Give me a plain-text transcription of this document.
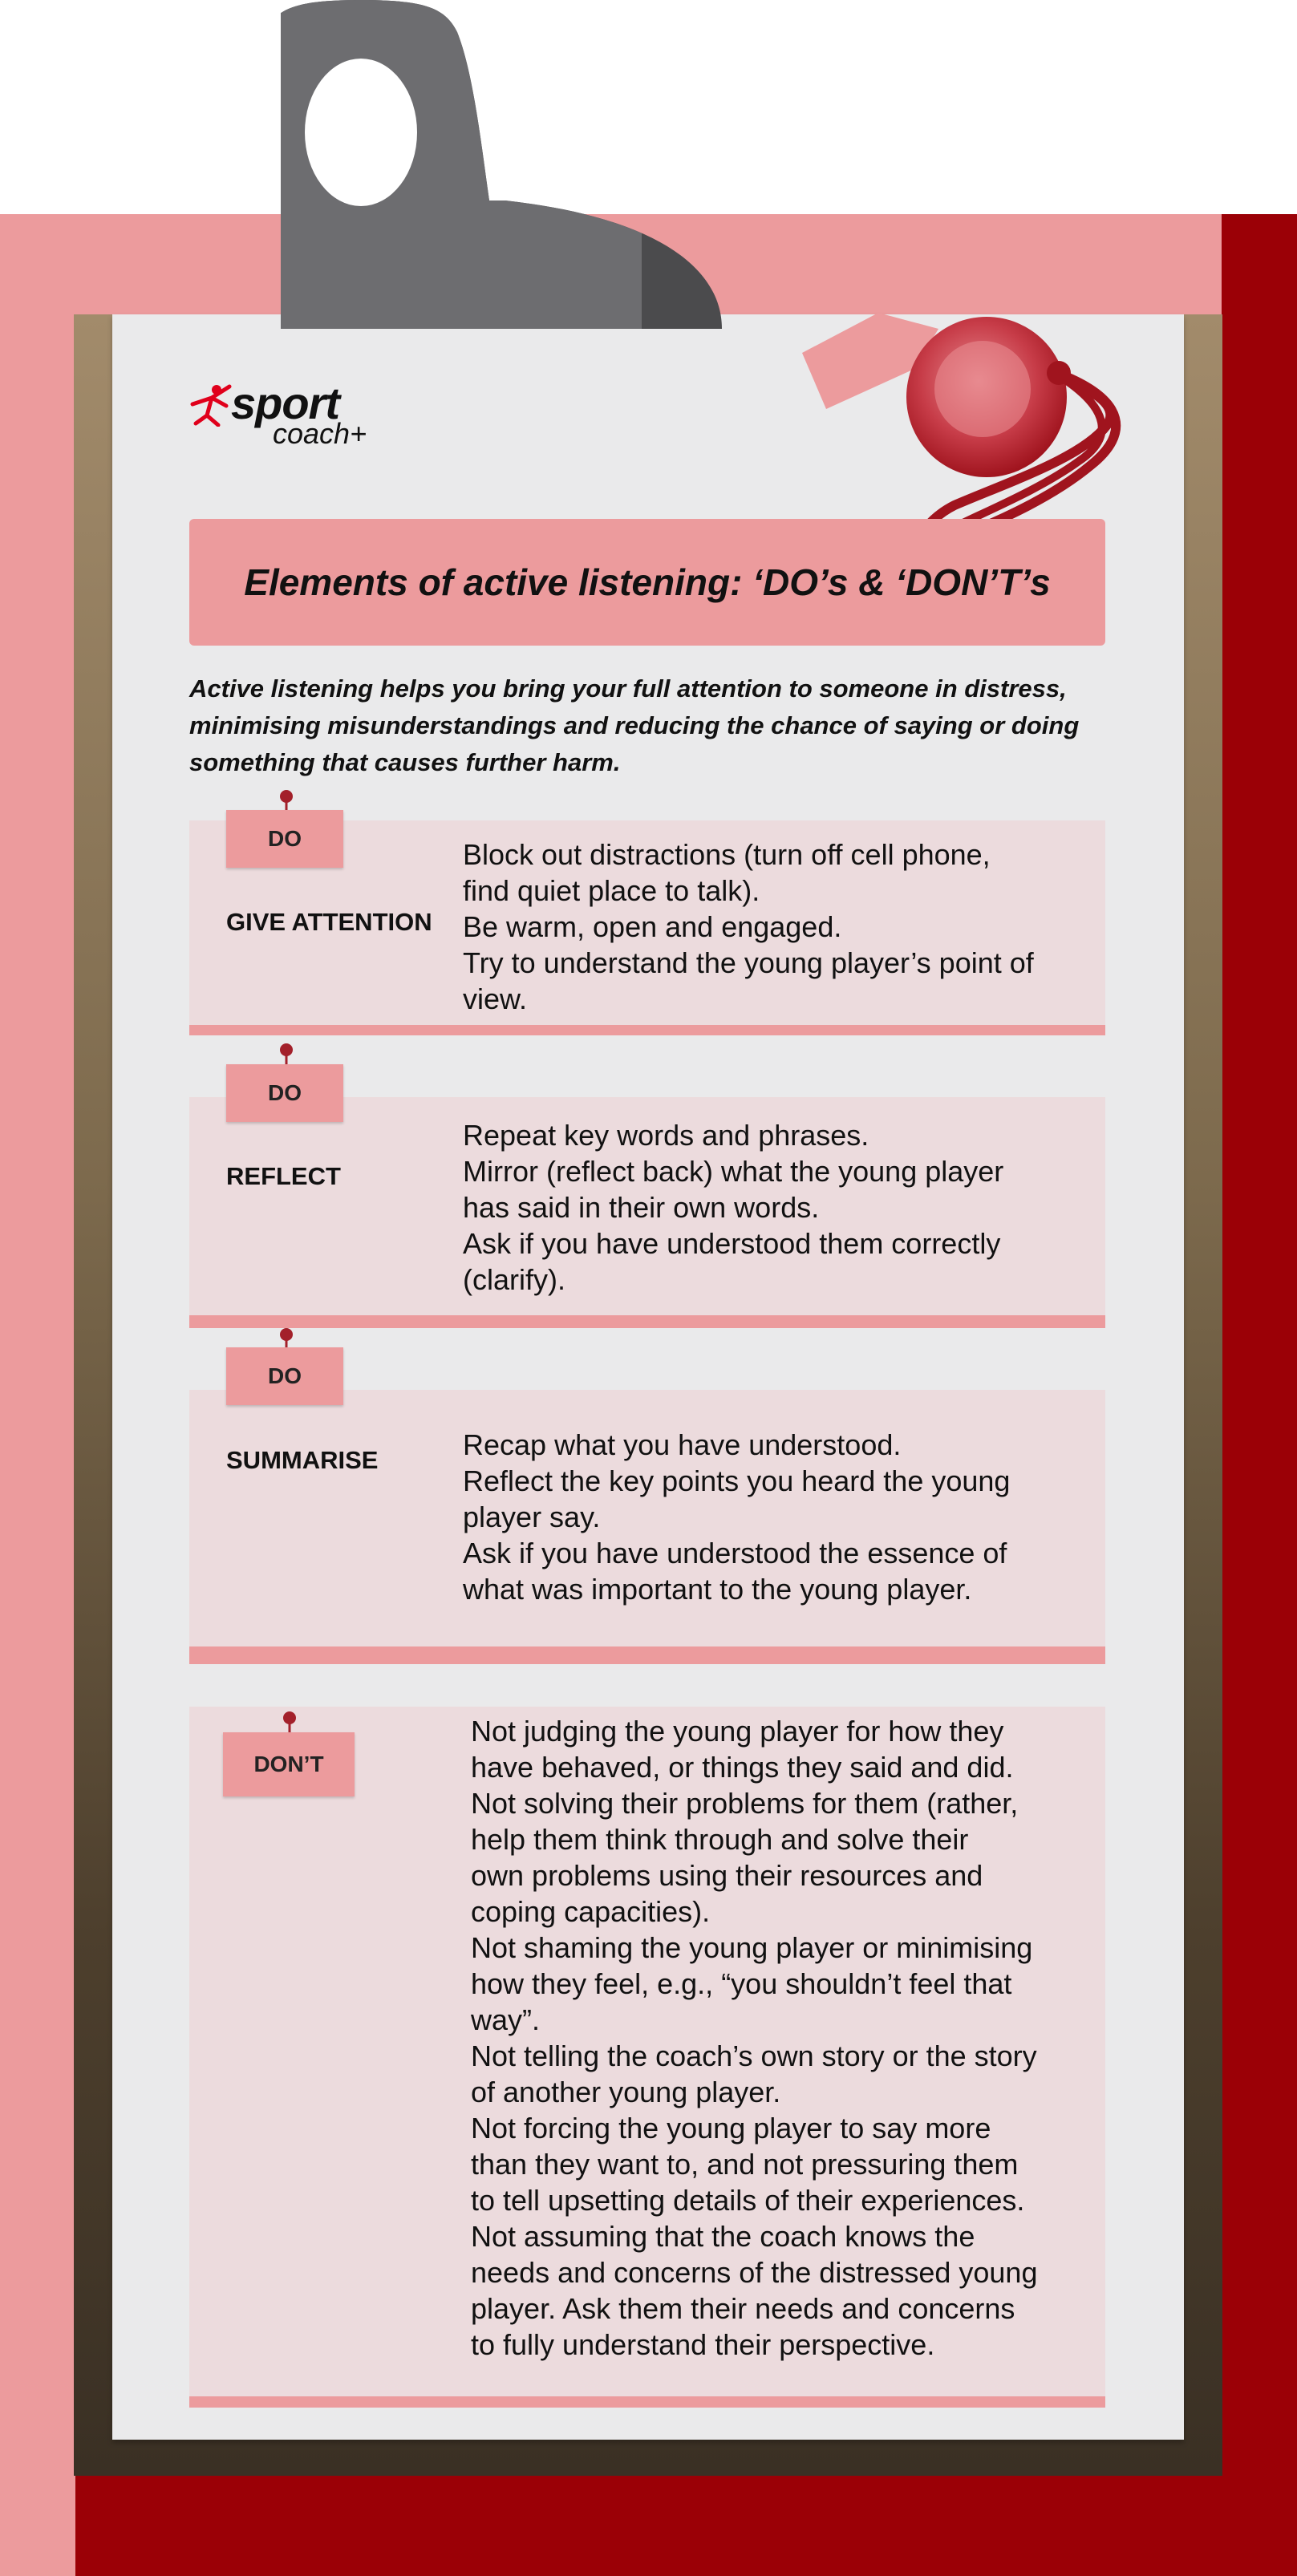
sport
coach+
Elements of active listening: ‘DO’s & ‘DON’T’s
Active listening helps you bring your full attention to someone in distress, minimising misunderstandings and reducing the chance of saying or doing something that causes further harm.
DO
GIVE ATTENTION
Block out distractions (turn off cell phone,
find quiet place to talk).
Be warm, open and engaged.
Try to understand the young player’s point of
view.
DO
REFLECT
Repeat key words and phrases.
Mirror (reflect back) what the young player
has said in their own words.
Ask if you have understood them correctly
(clarify).
DO
SUMMARISE	Recap what you have understood.
Reflect the key points you heard the young
player say.
Ask if you have understood the essence of
what was important to the young player.
DON’T
Not judging the young player for how they
have behaved, or things they said and did.
Not solving their problems for them (rather,
help them think through and solve their
own problems using their resources and
coping capacities).
Not shaming the young player or minimising
how they feel, e.g., “you shouldn’t feel that
way”.
Not telling the coach’s own story or the story
of another young player.
Not forcing the young player to say more
than they want to, and not pressuring them
to tell upsetting details of their experiences.
Not assuming that the coach knows the
needs and concerns of the distressed young
player. Ask them their needs and concerns
to fully understand their perspective.
